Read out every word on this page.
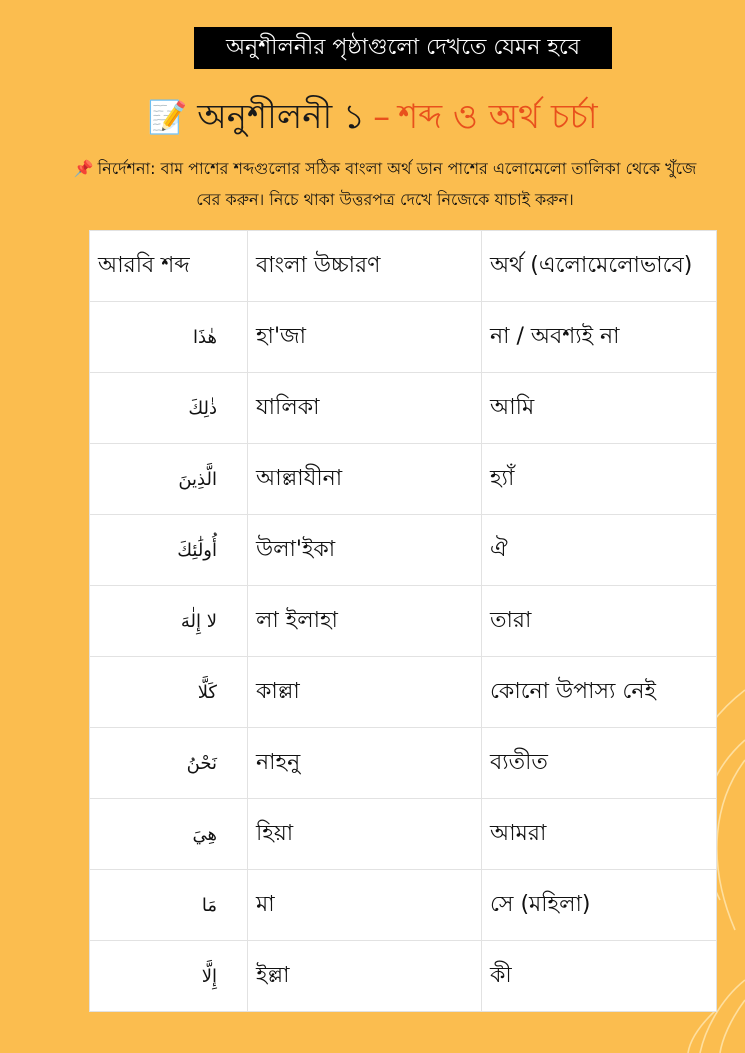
অনুশীলনীর পৃষ্ঠাগুলো দেখতে যেমন হবে
📝 অনুশীলনী ১ – শব্দ ও অর্থ চর্চা
📌 নির্দেশনা: বাম পাশের শব্দগুলোর সঠিক বাংলা অর্থ ডান পাশের এলোমেলো তালিকা থেকে খুঁজে বের করুন। নিচে থাকা উত্তরপত্র দেখে নিজেকে যাচাই করুন।
আরবি শব্দ	বাংলা উচ্চারণ	অর্থ (এলোমেলোভাবে)
هٰذَا	হা'জা	না / অবশ্যই না
ذٰلِكَ	যালিকা	আমি
الَّذِينَ	আল্লাযীনা	হ্যাঁ
أُولَٰئِكَ	উলা'ইকা	ঐ
لا إِلٰهَ	লা ইলাহা	তারা
كَلَّا	কাল্লা	কোনো উপাস্য নেই
نَحْنُ	নাহনু	ব্যতীত
هِيَ	হিয়া	আমরা
مَا	মা	সে (মহিলা)
إِلَّا	ইল্লা	কী
